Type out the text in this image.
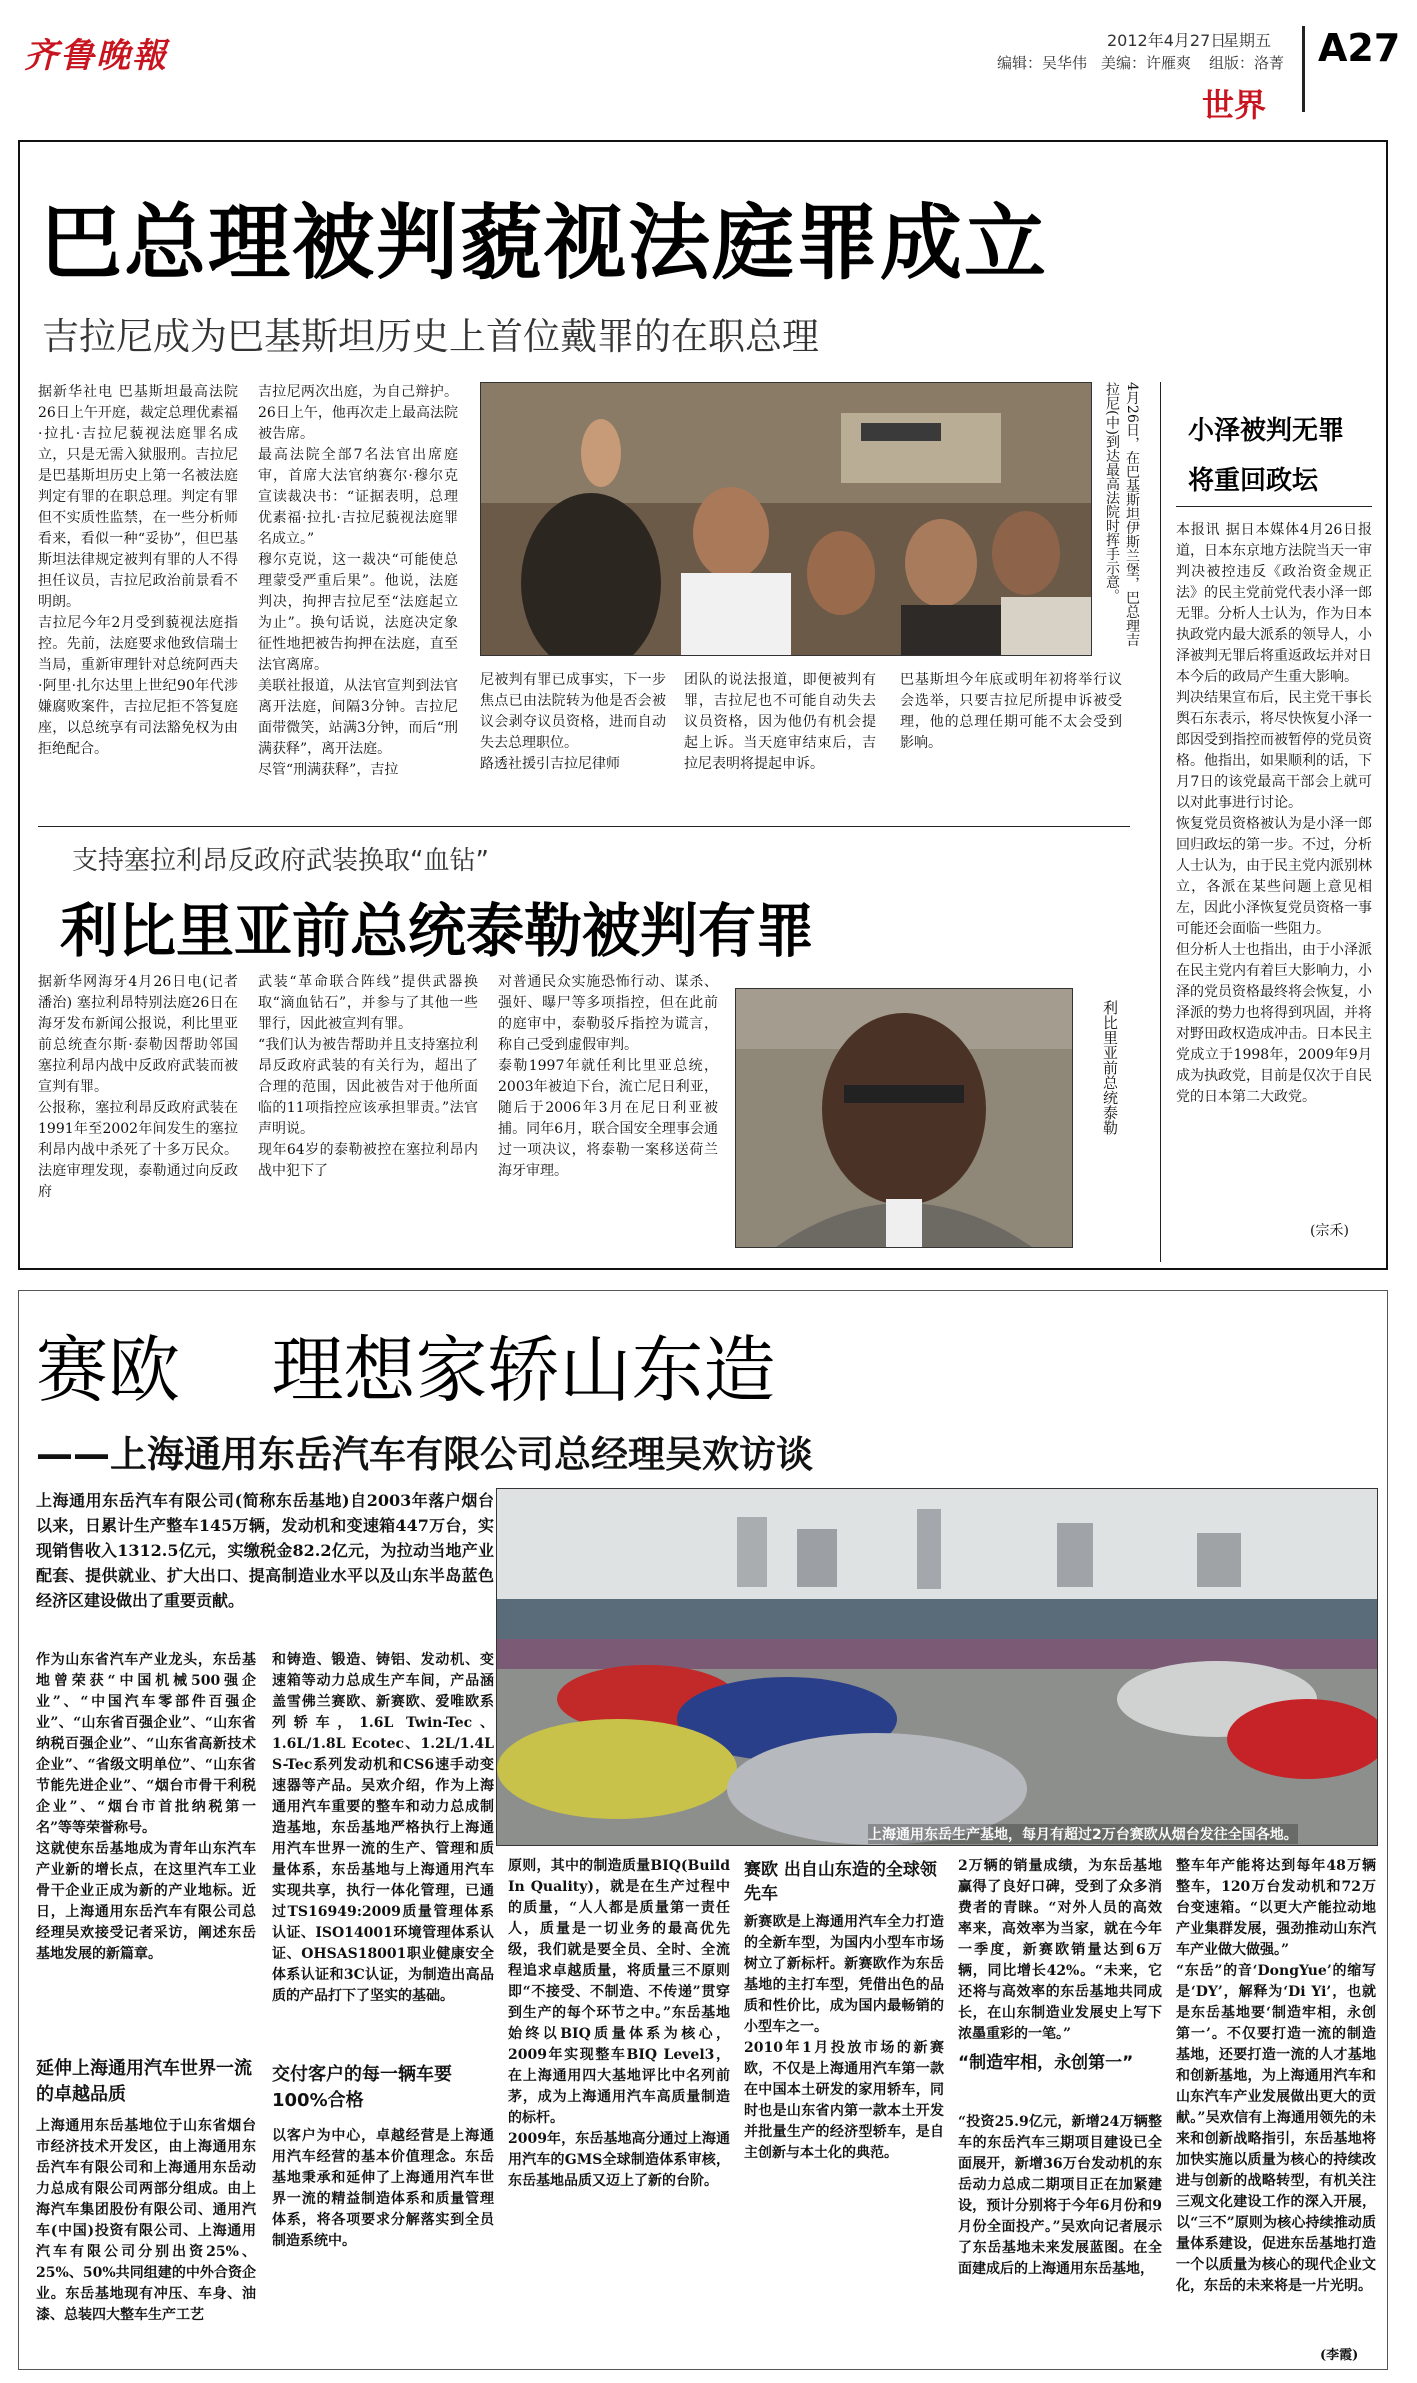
齐鲁晚報	2012年4月27日
星期五
编辑：吴华伟 美编：许雁爽 组版：洛菁 A27
世界
巴总理被判藐视法庭罪成立
吉拉尼成为巴基斯坦历史上首位戴罪的在职总理
据新华社电 巴基斯坦最高法院26日上午开庭，裁定总理优素福·拉扎·吉拉尼藐视法庭罪名成立，只是无需入狱服刑。吉拉尼是巴基斯坦历史上第一名被法庭判定有罪的在职总理。判定有罪但不实质性监禁，在一些分析师看来，看似一种“妥协”，但巴基斯坦法律规定被判有罪的人不得担任议员，吉拉尼政治前景看不明朗。
吉拉尼今年2月受到藐视法庭指控。先前，法庭要求他致信瑞士当局，重新审理针对总统阿西夫·阿里·扎尔达里上世纪90年代涉嫌腐败案件，吉拉尼拒不答复庭座，以总统享有司法豁免权为由拒绝配合。
吉拉尼两次出庭，为自己辩护。26日上午，他再次走上最高法院被告席。
最高法院全部7名法官出席庭审，首席大法官纳赛尔·穆尔克宣读裁决书：“证据表明，总理优素福·拉扎·吉拉尼藐视法庭罪名成立。”
穆尔克说，这一裁决“可能使总理蒙受严重后果”。他说，法庭判决，拘押吉拉尼至“法庭起立为止”。换句话说，法庭决定象征性地把被告拘押在法庭，直至法官离席。
美联社报道，从法官宣判到法官离开法庭，间隔3分钟。吉拉尼面带微笑，站满3分钟，而后“刑满获释”，离开法庭。
尽管“刑满获释”，吉拉
4月26日，在巴基斯坦伊斯兰堡，巴总理吉拉尼(中)到达最高法院时挥手示意。
尼被判有罪已成事实，下一步焦点已由法院转为他是否会被议会剥夺议员资格，进而自动失去总理职位。
路透社援引吉拉尼律师
团队的说法报道，即便被判有罪，吉拉尼也不可能自动失去议员资格，因为他仍有机会提起上诉。当天庭审结束后，吉拉尼表明将提起申诉。
巴基斯坦今年底或明年初将举行议会选举，只要吉拉尼所提申诉被受理，他的总理任期可能不太会受到影响。
支持塞拉利昂反政府武装换取“血钻”
利比里亚前总统泰勒被判有罪
据新华网海牙4月26日电(记者 潘治) 塞拉利昂特别法庭26日在海牙发布新闻公报说，利比里亚前总统查尔斯·泰勒因帮助邻国塞拉利昂内战中反政府武装而被宣判有罪。
公报称，塞拉利昂反政府武装在1991年至2002年间发生的塞拉利昂内战中杀死了十多万民众。法庭审理发现，泰勒通过向反政府
武装“革命联合阵线”提供武器换取“滴血钻石”，并参与了其他一些罪行，因此被宣判有罪。
“我们认为被告帮助并且支持塞拉利昂反政府武装的有关行为，超出了合理的范围，因此被告对于他所面临的11项指控应该承担罪责。”法官声明说。
现年64岁的泰勒被控在塞拉利昂内战中犯下了
对普通民众实施恐怖行动、谋杀、强奸、曝尸等多项指控，但在此前的庭审中，泰勒驳斥指控为谎言，称自己受到虚假审判。
泰勒1997年就任利比里亚总统，2003年被迫下台，流亡尼日利亚，随后于2006年3月在尼日利亚被捕。同年6月，联合国安全理事会通过一项决议，将泰勒一案移送荷兰海牙审理。
利比里亚前总统泰勒
小泽被判无罪
将重回政坛
本报讯 据日本媒体4月26日报道，日本东京地方法院当天一审判决被控违反《政治资金规正法》的民主党前党代表小泽一郎无罪。分析人士认为，作为日本执政党内最大派系的领导人，小泽被判无罪后将重返政坛并对日本今后的政局产生重大影响。
判决结果宣布后，民主党干事长舆石东表示，将尽快恢复小泽一郎因受到指控而被暂停的党员资格。他指出，如果顺利的话，下月7日的该党最高干部会上就可以对此事进行讨论。
恢复党员资格被认为是小泽一郎回归政坛的第一步。不过，分析人士认为，由于民主党内派别林立，各派在某些问题上意见相左，因此小泽恢复党员资格一事可能还会面临一些阻力。
但分析人士也指出，由于小泽派在民主党内有着巨大影响力，小泽的党员资格最终将会恢复，小泽派的势力也将得到巩固，并将对野田政权造成冲击。日本民主党成立于1998年，2009年9月成为执政党，目前是仅次于自民党的日本第二大政党。
(宗禾)
赛欧    理想家轿山东造
——上海通用东岳汽车有限公司总经理吴欢访谈
上海通用东岳汽车有限公司(简称东岳基地)自2003年落户烟台以来，日累计生产整车145万辆，发动机和变速箱447万台，实现销售收入1312.5亿元，实缴税金82.2亿元，为拉动当地产业配套、提供就业、扩大出口、提高制造业水平以及山东半岛蓝色经济区建设做出了重要贡献。
上海通用东岳生产基地，每月有超过2万台赛欧从烟台发往全国各地。
作为山东省汽车产业龙头，东岳基地曾荣获“中国机械500强企业”、“中国汽车零部件百强企业”、“山东省百强企业”、“山东省纳税百强企业”、“山东省高新技术企业”、“省级文明单位”、“山东省节能先进企业”、“烟台市骨干利税企业”、“烟台市首批纳税第一名”等等荣誉称号。
这就使东岳基地成为青年山东汽车产业新的增长点，在这里汽车工业骨干企业正成为新的产业地标。近日，上海通用东岳汽车有限公司总经理吴欢接受记者采访，阐述东岳基地发展的新篇章。
延伸上海通用汽车世界一流的卓越品质
上海通用东岳基地位于山东省烟台市经济技术开发区，由上海通用东岳汽车有限公司和上海通用东岳动力总成有限公司两部分组成。由上海汽车集团股份有限公司、通用汽车(中国)投资有限公司、上海通用汽车有限公司分别出资25%、25%、50%共同组建的中外合资企业。东岳基地现有冲压、车身、油漆、总装四大整车生产工艺
和铸造、锻造、铸铝、发动机、变速箱等动力总成生产车间，产品涵盖雪佛兰赛欧、新赛欧、爱唯欧系列轿车，1.6L Twin-Tec、1.6L/1.8L Ecotec、1.2L/1.4L S-Tec系列发动机和CS6速手动变速器等产品。吴欢介绍，作为上海通用汽车重要的整车和动力总成制造基地，东岳基地严格执行上海通用汽车世界一流的生产、管理和质量体系，东岳基地与上海通用汽车实现共享，执行一体化管理，已通过TS16949:2009质量管理体系认证、ISO14001环境管理体系认证、OHSAS18001职业健康安全体系认证和3C认证，为制造出高品质的产品打下了坚实的基础。
交付客户的每一辆车要100%合格
以客户为中心，卓越经营是上海通用汽车经营的基本价值理念。东岳基地秉承和延伸了上海通用汽车世界一流的精益制造体系和质量管理体系，将各项要求分解落实到全员制造系统中。
原则，其中的制造质量BIQ(Build In Quality)，就是在生产过程中的质量，“人人都是质量第一责任人，质量是一切业务的最高优先级，我们就是要全员、全时、全流程追求卓越质量，将质量三不原则即“不接受、不制造、不传递”贯穿到生产的每个环节之中。”东岳基地始终以BIQ质量体系为核心，2009年实现整车BIQ Level3，在上海通用四大基地评比中名列前茅，成为上海通用汽车高质量制造的标杆。
2009年，东岳基地高分通过上海通用汽车的GMS全球制造体系审核，东岳基地品质又迈上了新的台阶。
赛欧 出自山东造的全球领先车
新赛欧是上海通用汽车全力打造的全新车型，为国内小型车市场树立了新标杆。新赛欧作为东岳基地的主打车型，凭借出色的品质和性价比，成为国内最畅销的小型车之一。
2010年1月投放市场的新赛欧，不仅是上海通用汽车第一款在中国本土研发的家用轿车，同时也是山东省内第一款本土开发并批量生产的经济型轿车，是自主创新与本土化的典范。
2万辆的销量成绩，为东岳基地赢得了良好口碑，受到了众多消费者的青睐。“对外人员的高效率来，高效率为当家，就在今年一季度，新赛欧销量达到6万辆，同比增长42%。“未来，它还将与高效率的东岳基地共同成长，在山东制造业发展史上写下浓墨重彩的一笔。”
“制造牢相，永创第一”
“投资25.9亿元，新增24万辆整车的东岳汽车三期项目建设已全面展开，新增36万台发动机的东岳动力总成二期项目正在加紧建设，预计分别将于今年6月份和9月份全面投产。”吴欢向记者展示了东岳基地未来发展蓝图。在全面建成后的上海通用东岳基地，
整车年产能将达到每年48万辆整车，120万台发动机和72万台变速箱。“以更大产能拉动地产业集群发展，强劲推动山东汽车产业做大做强。”
“东岳”的音‘DongYue’的缩写是‘DY’，解释为‘Di Yi’，也就是东岳基地要‘制造牢相，永创第一’。不仅要打造一流的制造基地，还要打造一流的人才基地和创新基地，为上海通用汽车和山东汽车产业发展做出更大的贡献。”吴欢信有上海通用领先的未来和创新战略指引，东岳基地将加快实施以质量为核心的持续改进与创新的战略转型，有机关注三观文化建设工作的深入开展，以“三不”原则为核心持续推动质量体系建设，促进东岳基地打造一个以质量为核心的现代企业文化，东岳的未来将是一片光明。
(李霞)
